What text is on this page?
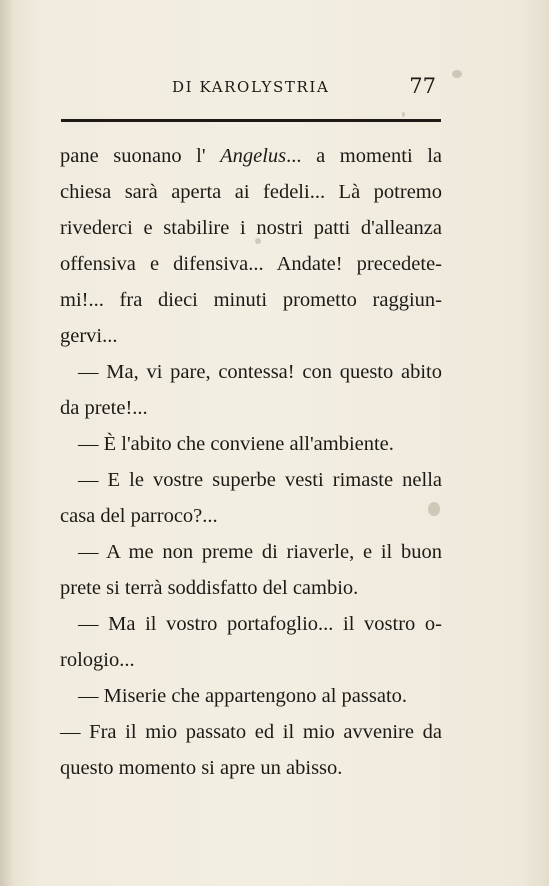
DI KAROLYSTRIA	77
pane suonano l' Angelus... a momenti la
chiesa sarà aperta ai fedeli... Là potremo
rivederci e stabilire i nostri patti d'alleanza
offensiva e difensiva... Andate! precedete-
mi!... fra dieci minuti prometto raggiun-
gervi...
— Ma, vi pare, contessa! con questo abito
da prete!...
— È l'abito che conviene all'ambiente.
— E le vostre superbe vesti rimaste nella
casa del parroco?...
— A me non preme di riaverle, e il buon
prete si terrà soddisfatto del cambio.
— Ma il vostro portafoglio... il vostro o-
rologio...
— Miserie che appartengono al passato.
— Fra il mio passato ed il mio avvenire da
questo momento si apre un abisso.
